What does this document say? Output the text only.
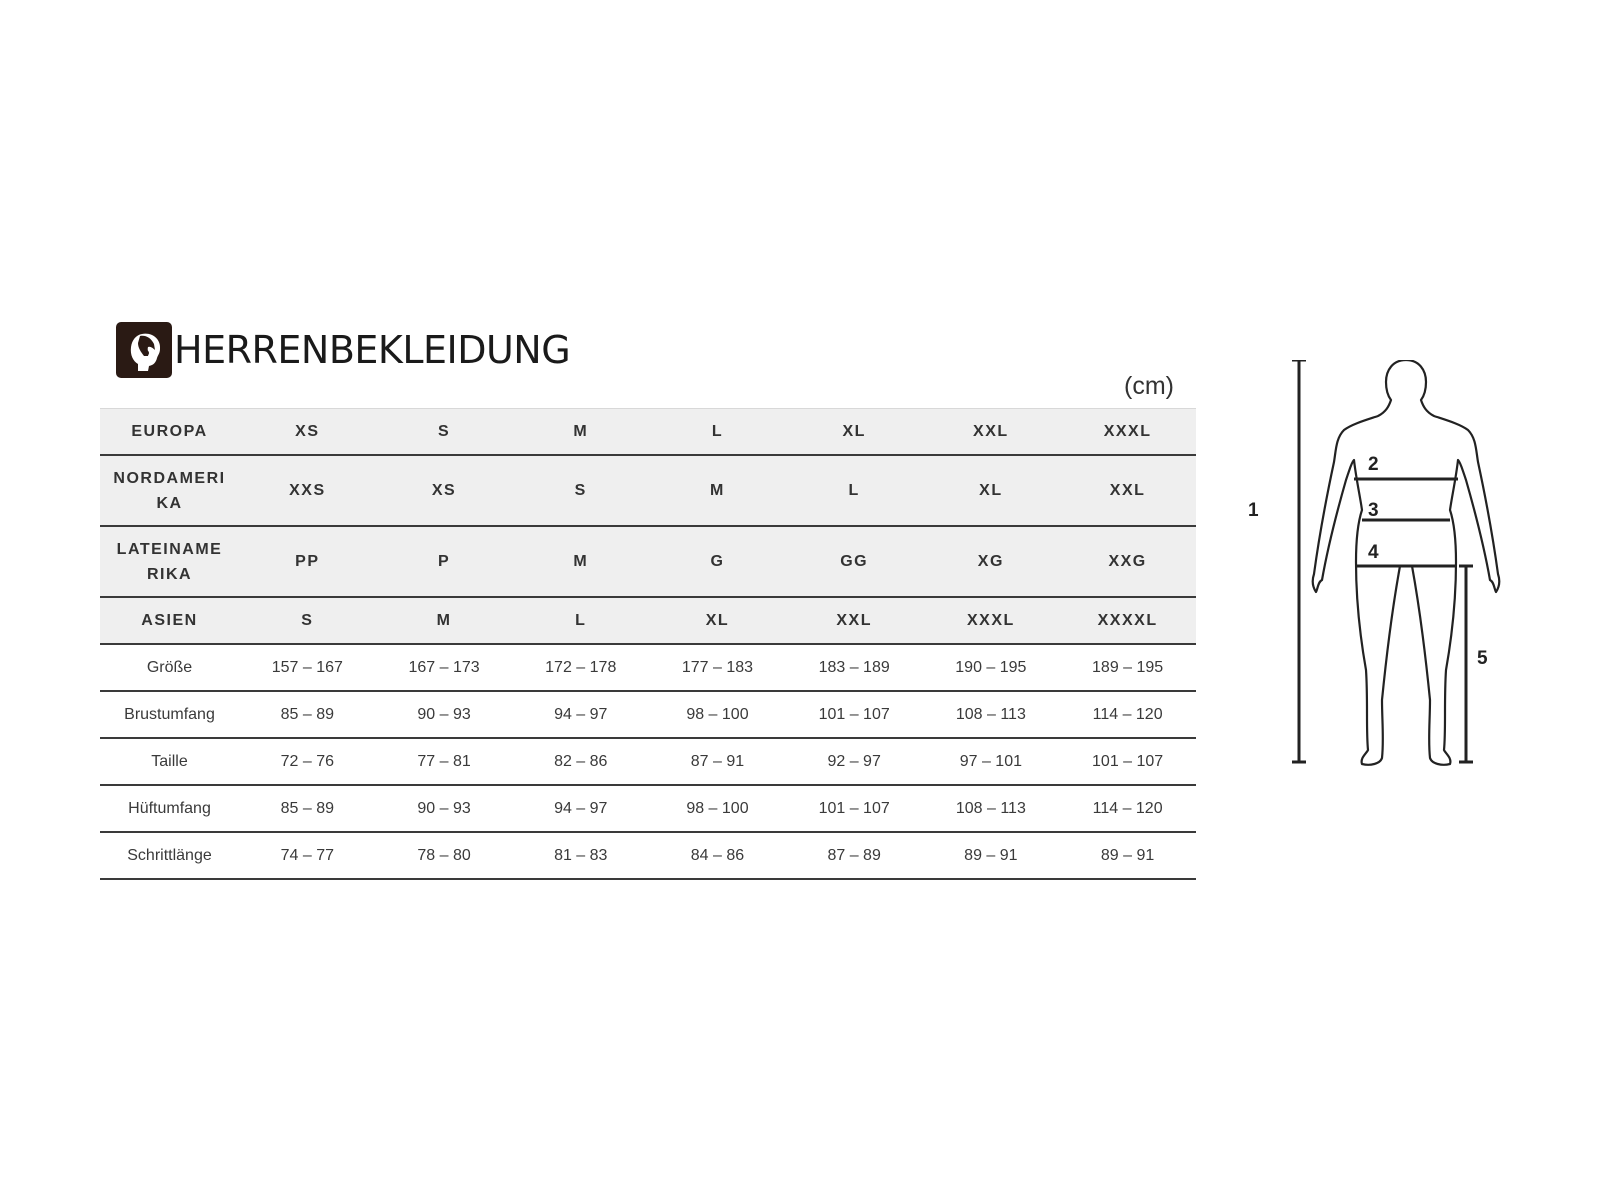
HERRENBEKLEIDUNG
(cm)
EUROPA	XS	S	M	L	XL	XXL	XXXL
NORDAMERI KA	XXS	XS	S	M	L	XL	XXL
LATEINAME RIKA	PP	P	M	G	GG	XG	XXG
ASIEN	S	M	L	XL	XXL	XXXL	XXXXL
Größe	157 – 167	167 – 173	172 – 178	177 – 183	183 – 189	190 – 195	189 – 195
Brustumfang	85 – 89	90 – 93	94 – 97	98 – 100	101 – 107	108 – 113	114 – 120
Taille	72 – 76	77 – 81	82 – 86	87 – 91	92 – 97	97 – 101	101 – 107
Hüftumfang	85 – 89	90 – 93	94 – 97	98 – 100	101 – 107	108 – 113	114 – 120
Schrittlänge	74 – 77	78 – 80	81 – 83	84 – 86	87 – 89	89 – 91	89 – 91
1
2
3
4
5
